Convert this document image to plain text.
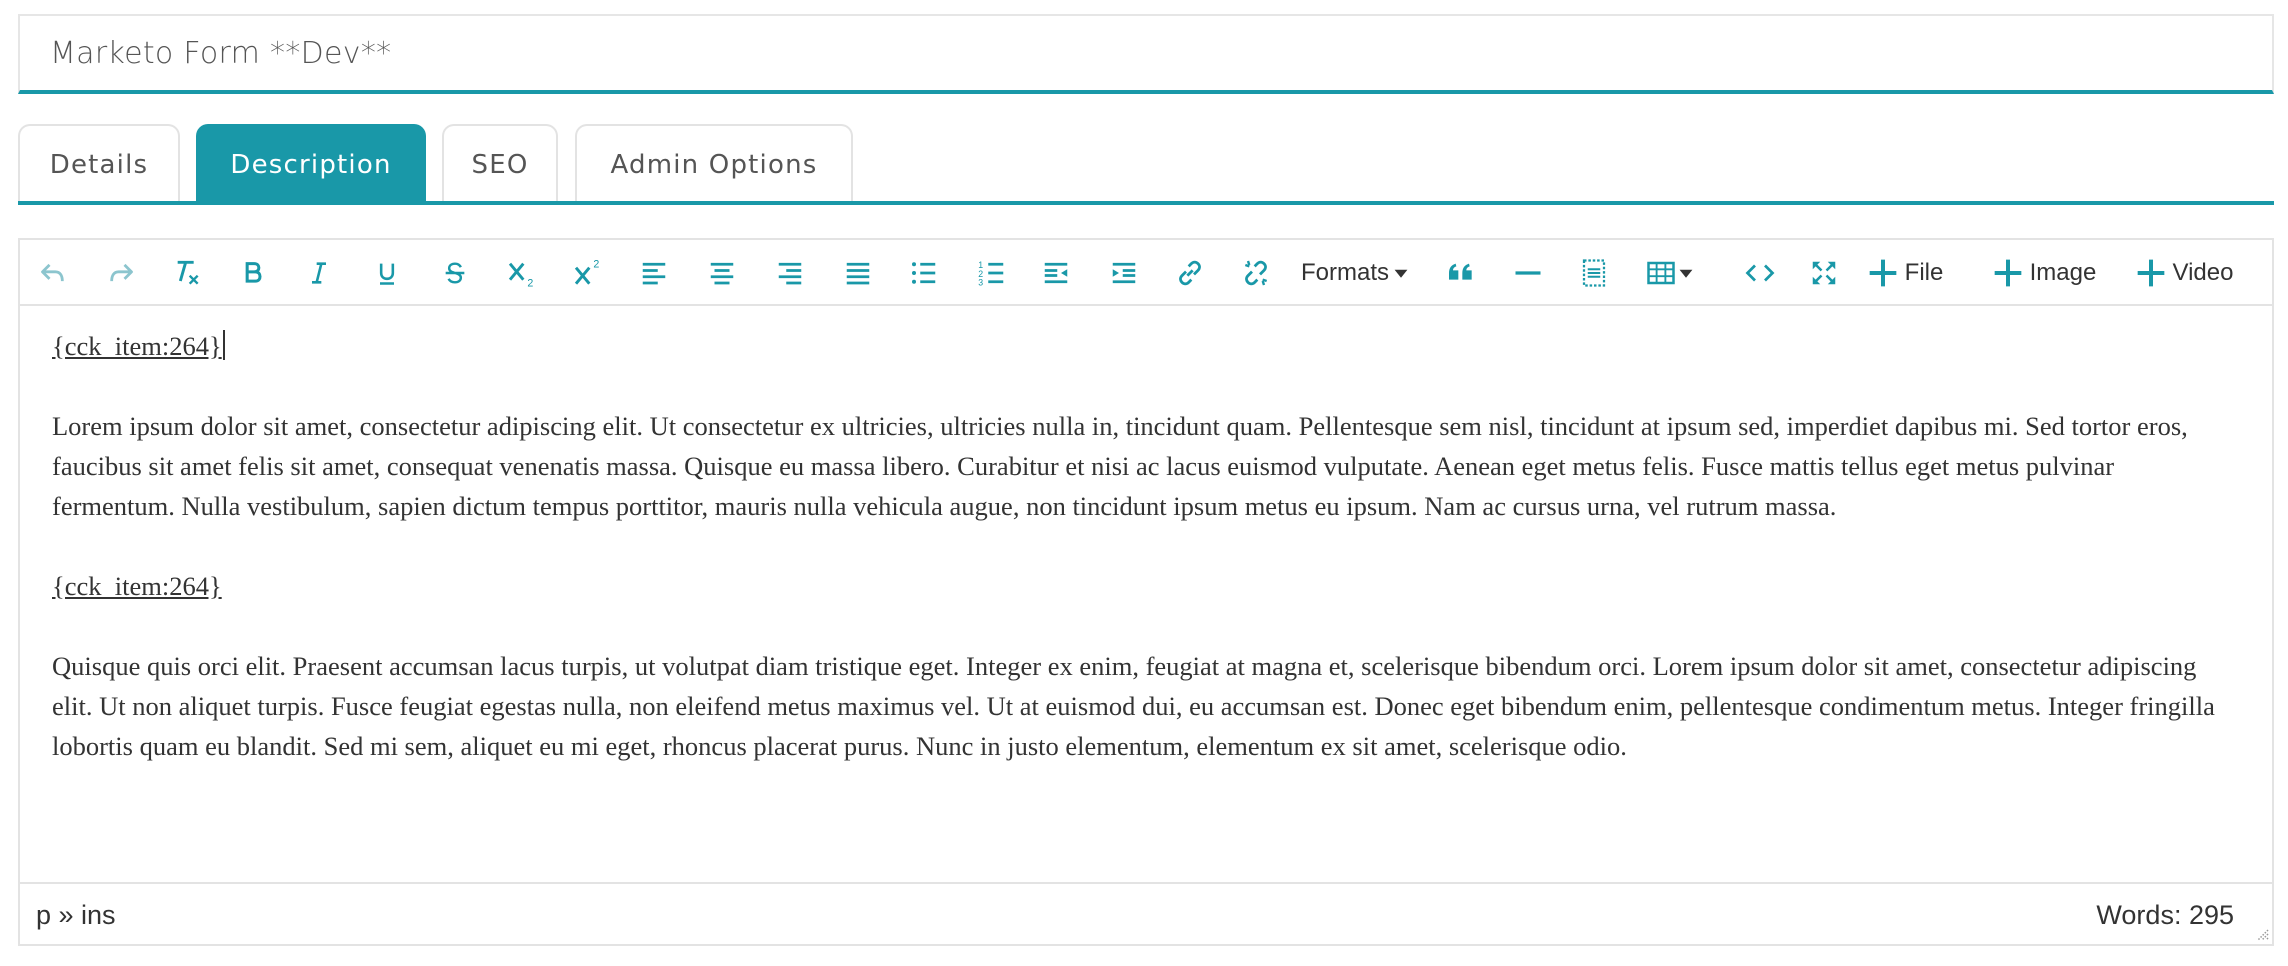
Marketo Form **Dev**
Details	Description	SEO	Admin Options
2
2	1
2
3	Formats	File	Image	Video

{cck_item:264}

Lorem ipsum dolor sit amet, consectetur adipiscing elit. Ut consectetur ex ultricies, ultricies nulla in, tincidunt quam. Pellentesque sem nisl, tincidunt at ipsum sed, imperdiet dapibus mi. Sed tortor eros, faucibus sit amet felis sit amet, consequat venenatis massa. Quisque eu massa libero. Curabitur et nisi ac lacus euismod vulputate. Aenean eget metus felis. Fusce mattis tellus eget metus pulvinar fermentum. Nulla vestibulum, sapien dictum tempus porttitor, mauris nulla vehicula augue, non tincidunt ipsum metus eu ipsum. Nam ac cursus urna, vel rutrum massa.

{cck_item:264}

Quisque quis orci elit. Praesent accumsan lacus turpis, ut volutpat diam tristique eget. Integer ex enim, feugiat at magna et, scelerisque bibendum orci. Lorem ipsum dolor sit amet, consectetur adipiscing elit. Ut non aliquet turpis. Fusce feugiat egestas nulla, non eleifend metus maximus vel. Ut at euismod dui, eu accumsan est. Donec eget bibendum enim, pellentesque condimentum metus. Integer fringilla lobortis quam eu blandit. Sed mi sem, aliquet eu mi eget, rhoncus placerat purus. Nunc in justo elementum, elementum ex sit amet, scelerisque odio.

p » ins	Words: 295
